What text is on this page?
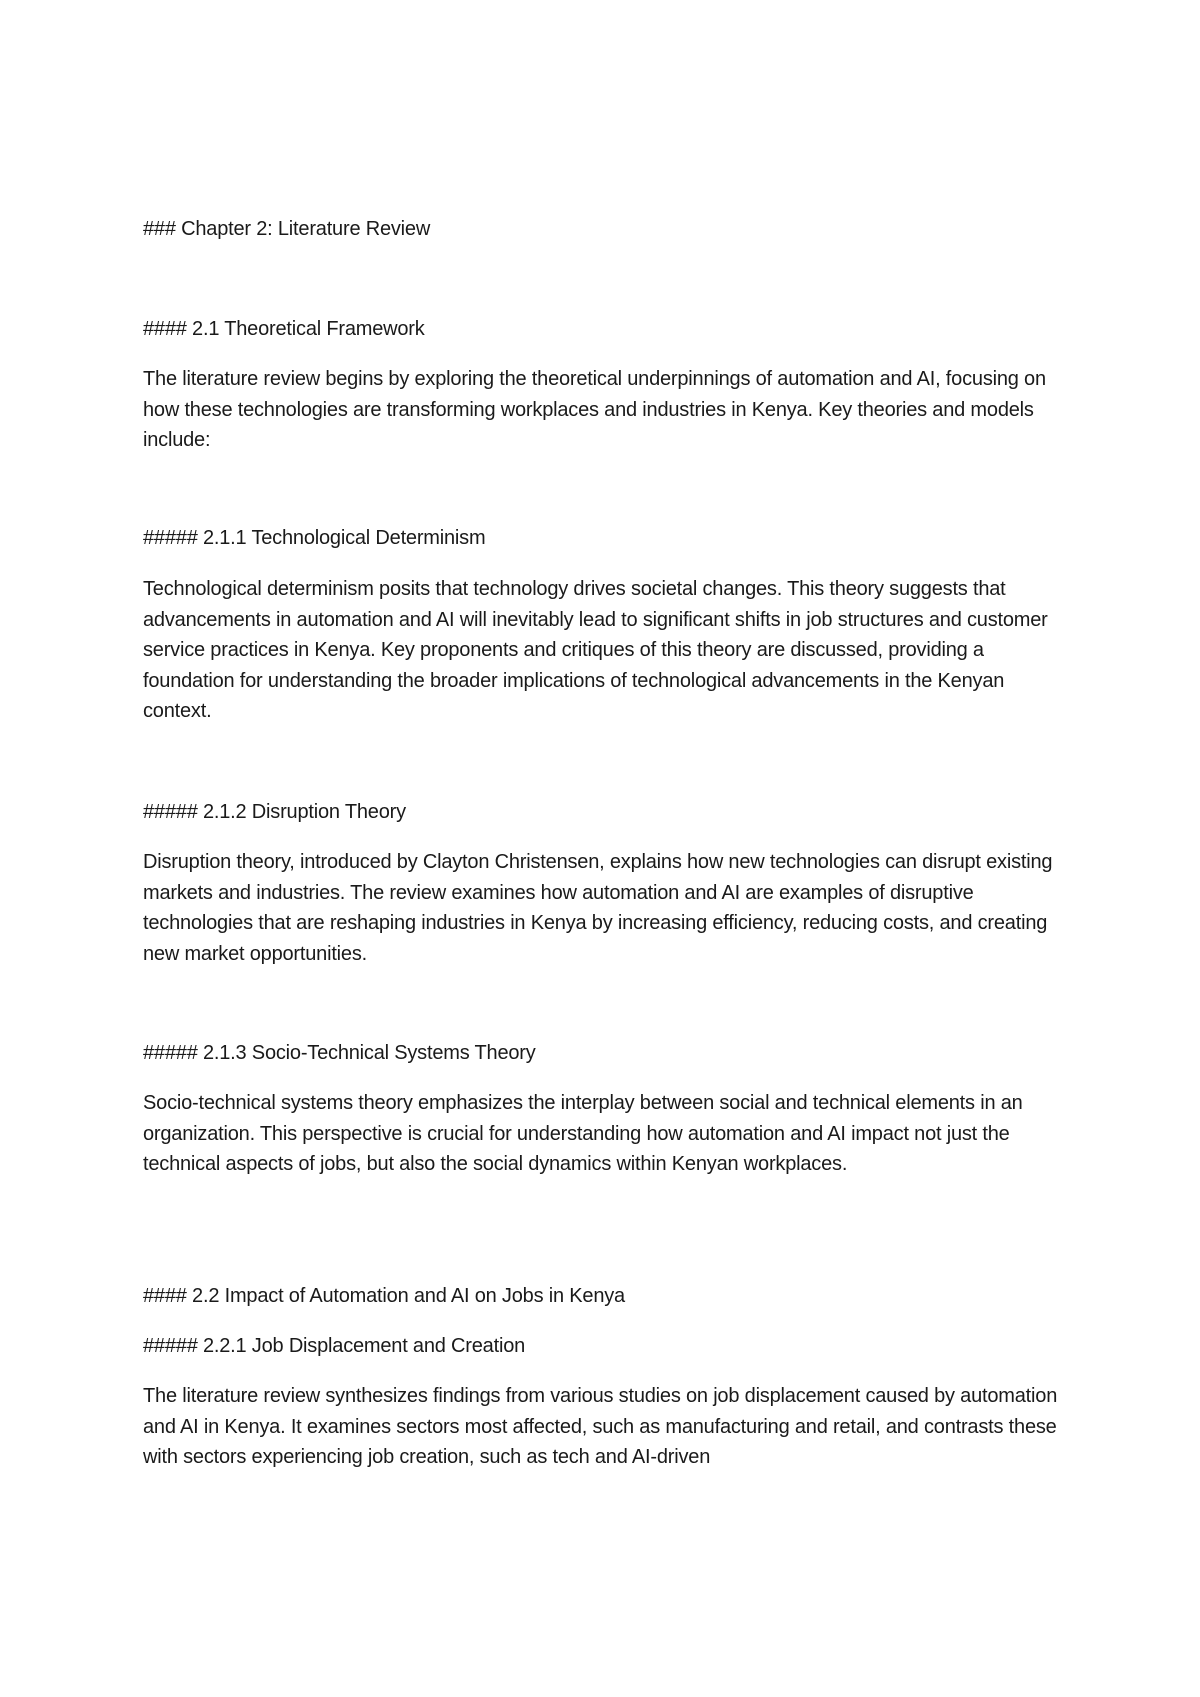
### Chapter 2: Literature Review
#### 2.1 Theoretical Framework
The literature review begins by exploring the theoretical underpinnings of automation and AI, focusing on how these technologies are transforming workplaces and industries in Kenya. Key theories and models include:
##### 2.1.1 Technological Determinism
Technological determinism posits that technology drives societal changes. This theory suggests that advancements in automation and AI will inevitably lead to significant shifts in job structures and customer service practices in Kenya. Key proponents and critiques of this theory are discussed, providing a foundation for understanding the broader implications of technological advancements in the Kenyan context.
##### 2.1.2 Disruption Theory
Disruption theory, introduced by Clayton Christensen, explains how new technologies can disrupt existing markets and industries. The review examines how automation and AI are examples of disruptive technologies that are reshaping industries in Kenya by increasing efficiency, reducing costs, and creating new market opportunities.
##### 2.1.3 Socio-Technical Systems Theory
Socio-technical systems theory emphasizes the interplay between social and technical elements in an organization. This perspective is crucial for understanding how automation and AI impact not just the technical aspects of jobs, but also the social dynamics within Kenyan workplaces.
#### 2.2 Impact of Automation and AI on Jobs in Kenya
##### 2.2.1 Job Displacement and Creation
The literature review synthesizes findings from various studies on job displacement caused by automation and AI in Kenya. It examines sectors most affected, such as manufacturing and retail, and contrasts these with sectors experiencing job creation, such as tech and AI-driven
